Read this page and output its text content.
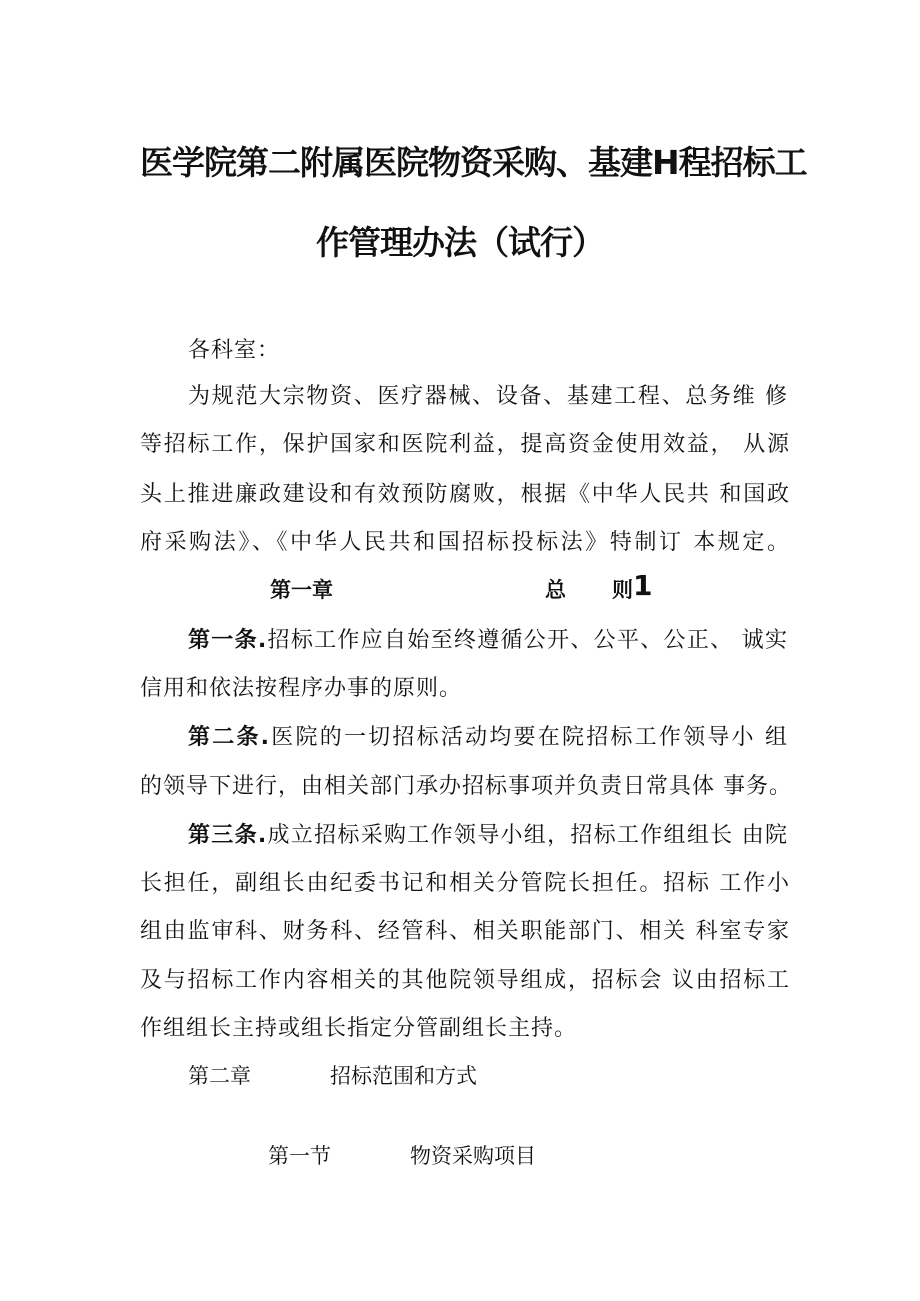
医学院第二附属医院物资采购、基建H程招标工
作管理办法（试行）
各科室：
为规范大宗物资、医疗器械、设备、基建工程、总务维 修
等招标工作，保护国家和医院利益，提高资金使用效益， 从源
头上推进廉政建设和有效预防腐败，根据《中华人民共 和国政
府采购法》、《中华人民共和国招标投标法》特制订 本规定。
第一章	总 则 1
第一条.招标工作应自始至终遵循公开、公平、公正、 诚实
信用和依法按程序办事的原则。
第二条.医院的一切招标活动均要在院招标工作领导小 组
的领导下进行，由相关部门承办招标事项并负责日常具体 事务。
第三条.成立招标采购工作领导小组，招标工作组组长 由院
长担任，副组长由纪委书记和相关分管院长担任。招标 工作小
组由监审科、财务科、经管科、相关职能部门、相关 科室专家
及与招标工作内容相关的其他院领导组成，招标会 议由招标工
作组组长主持或组长指定分管副组长主持。
第二章	招标范围和方式
第一节	物资采购项目
